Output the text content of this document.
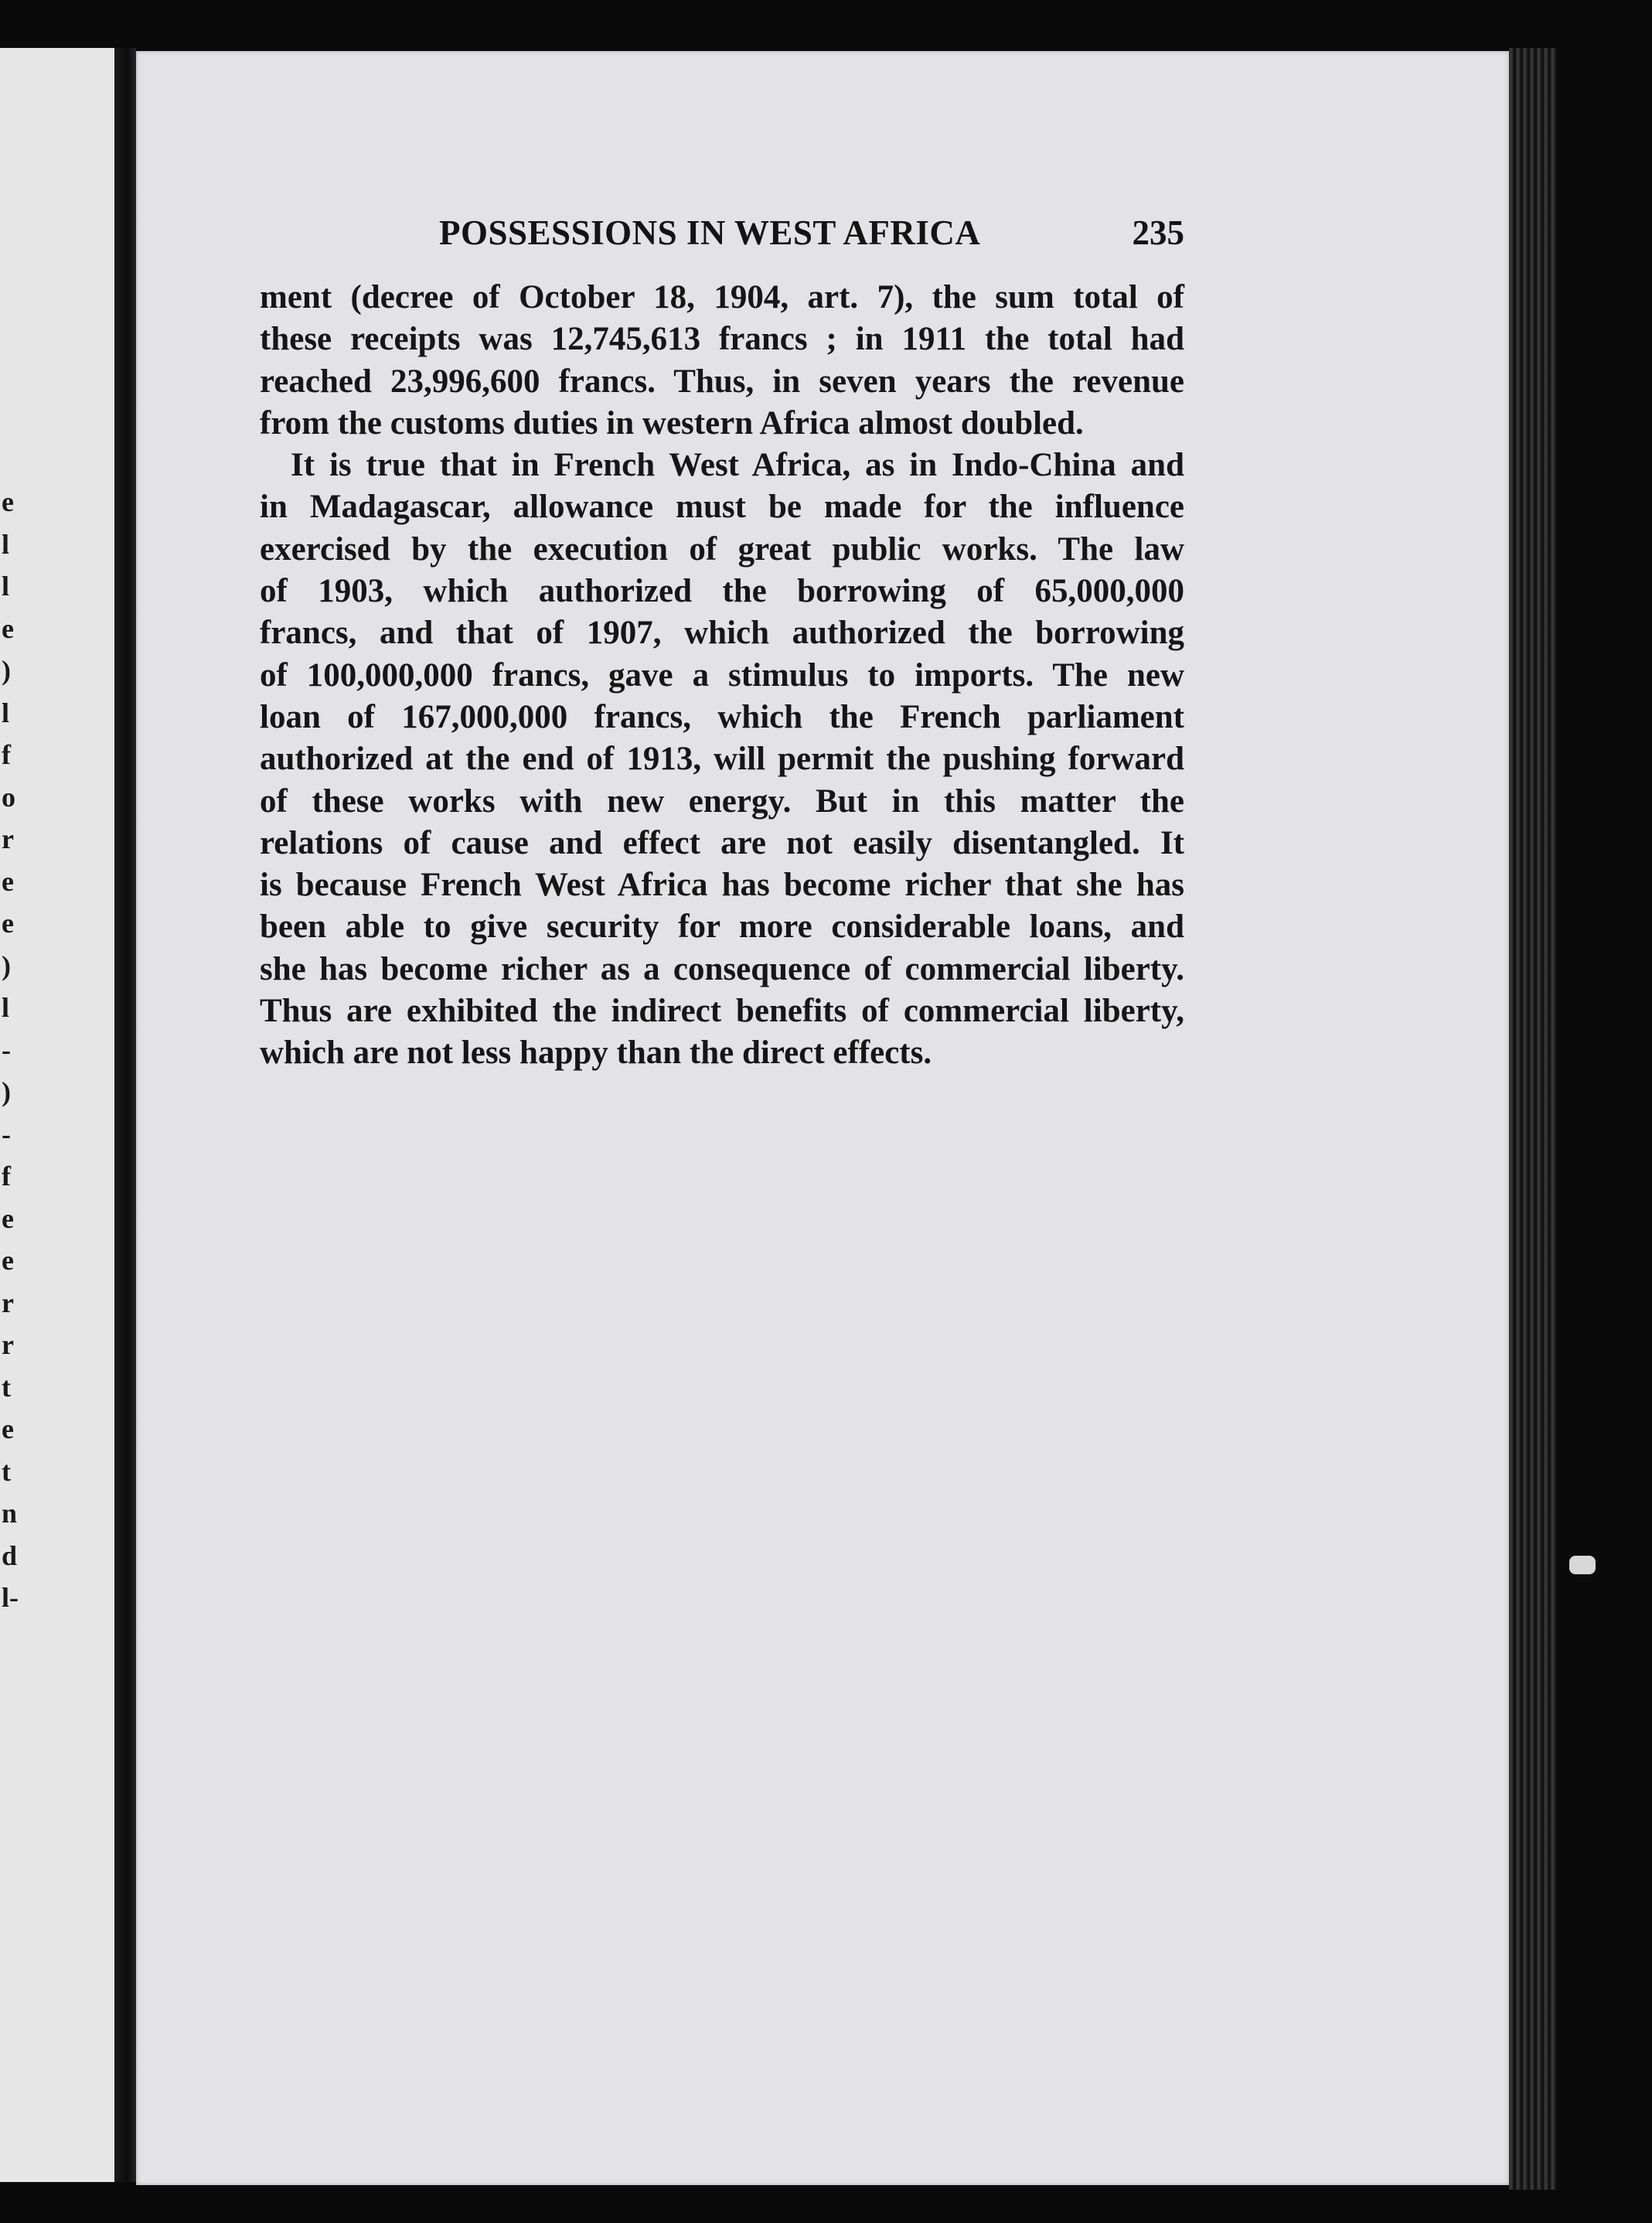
e
l
l
e
)
l
f
o
r
e
e
)
l
-
)
-
f
e
e
r
r
t
e
t
n
d
l-
POSSESSIONS IN WEST AFRICA	235
ment (decree of October 18, 1904, art. 7), the sum total of
these receipts was 12,745,613 francs ; in 1911 the total had
reached 23,996,600 francs. Thus, in seven years the revenue
from the customs duties in western Africa almost doubled.
It is true that in French West Africa, as in Indo-China and
in Madagascar, allowance must be made for the influence
exercised by the execution of great public works. The law
of 1903, which authorized the borrowing of 65,000,000
francs, and that of 1907, which authorized the borrowing
of 100,000,000 francs, gave a stimulus to imports. The new
loan of 167,000,000 francs, which the French parliament
authorized at the end of 1913, will permit the pushing forward
of these works with new energy. But in this matter the
relations of cause and effect are not easily disentangled. It
is because French West Africa has become richer that she has
been able to give security for more considerable loans, and
she has become richer as a consequence of commercial liberty.
Thus are exhibited the indirect benefits of commercial liberty,
which are not less happy than the direct effects.
